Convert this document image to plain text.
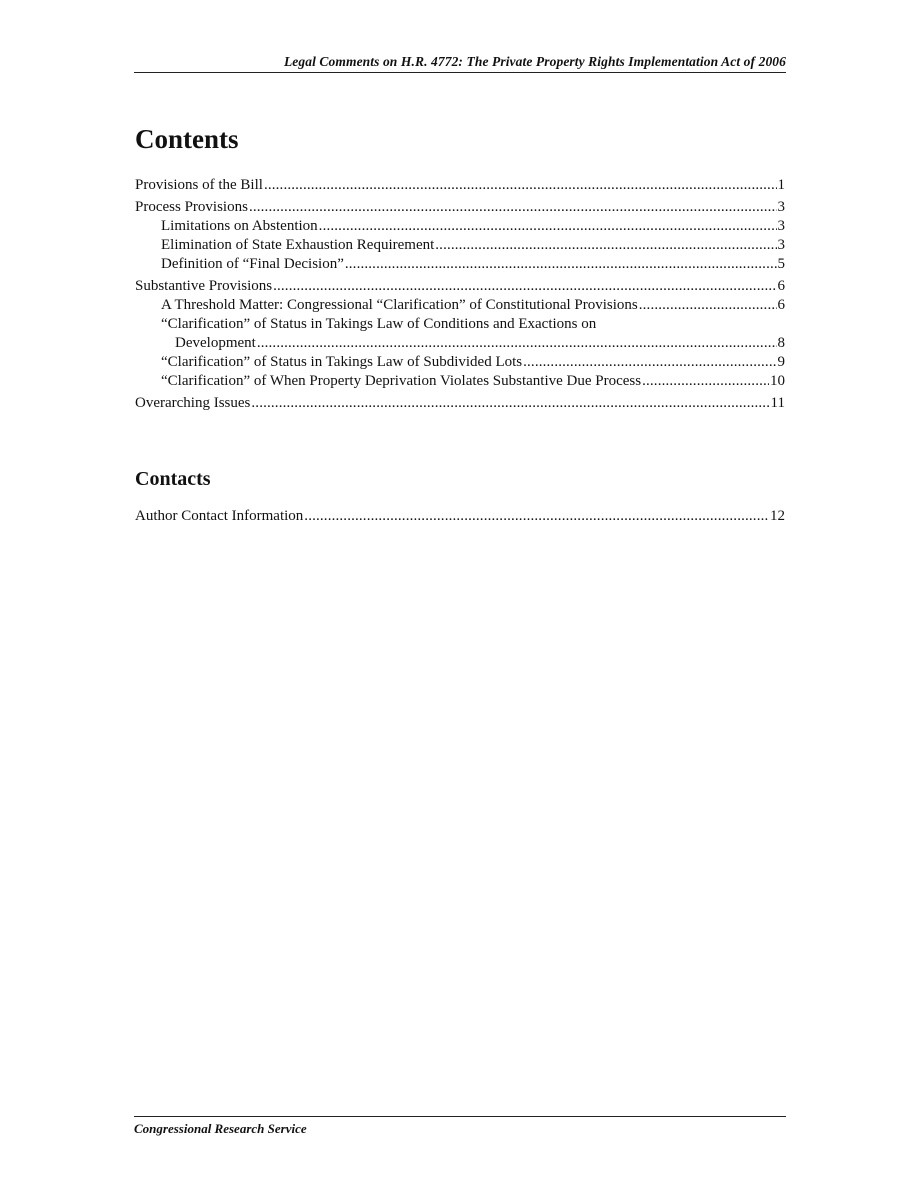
Legal Comments on H.R. 4772: The Private Property Rights Implementation Act of 2006
Contents
Provisions of the Bill . . .	1
Process Provisions . . .	3
Limitations on Abstention . . .	3
Elimination of State Exhaustion Requirement . . .	3
Definition of “Final Decision” . . .	5
Substantive Provisions . . .	6
A Threshold Matter: Congressional “Clarification” of Constitutional Provisions . . .	6
“Clarification” of Status in Takings Law of Conditions and Exactions on
Development . . .	8
“Clarification” of Status in Takings Law of Subdivided Lots . . .	9
“Clarification” of When Property Deprivation Violates Substantive Due Process . . .	10
Overarching Issues . . .	11
Contacts
Author Contact Information . . .	12
Congressional Research Service
